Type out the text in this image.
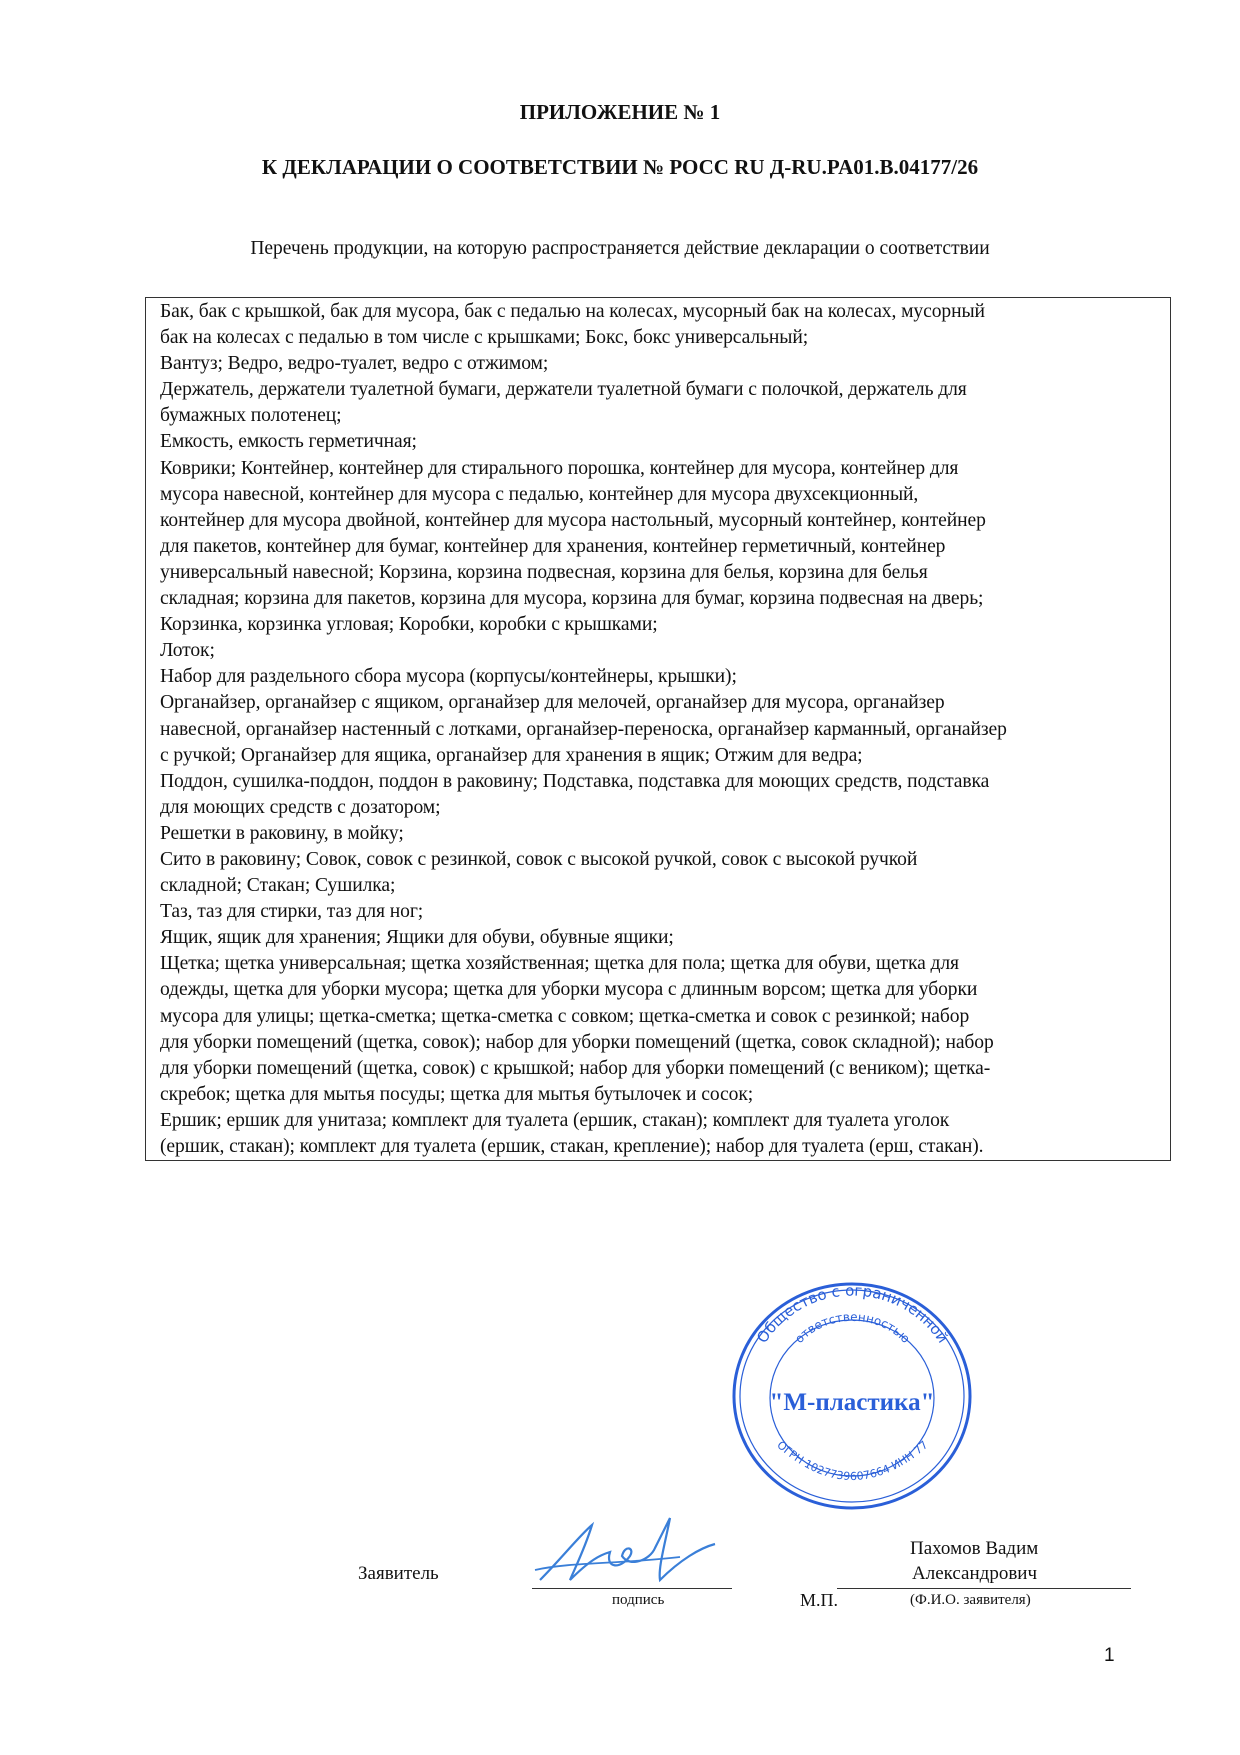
ПРИЛОЖЕНИЕ № 1
К ДЕКЛАРАЦИИ О СООТВЕТСТВИИ № РОСС RU Д-RU.PA01.B.04177/26
Перечень продукции, на которую распространяется действие декларации о соответствии
Бак, бак с крышкой, бак для мусора, бак с педалью на колесах, мусорный бак на колесах, мусорный
бак на колесах с педалью в том числе с крышками; Бокс, бокс универсальный;
Вантуз; Ведро, ведро-туалет, ведро с отжимом;
Держатель, держатели туалетной бумаги, держатели туалетной бумаги с полочкой, держатель для
бумажных полотенец;
Емкость, емкость герметичная;
Коврики; Контейнер, контейнер для стирального порошка, контейнер для мусора, контейнер для
мусора навесной, контейнер для мусора с педалью, контейнер для мусора двухсекционный,
контейнер для мусора двойной, контейнер для мусора настольный, мусорный контейнер, контейнер
для пакетов, контейнер для бумаг, контейнер для хранения, контейнер герметичный, контейнер
универсальный навесной; Корзина, корзина подвесная, корзина для белья, корзина для белья
складная; корзина для пакетов, корзина для мусора, корзина для бумаг, корзина подвесная на дверь;
Корзинка, корзинка угловая; Коробки, коробки с крышками;
Лоток;
Набор для раздельного сбора мусора (корпусы/контейнеры, крышки);
Органайзер, органайзер с ящиком, органайзер для мелочей, органайзер для мусора, органайзер
навесной, органайзер настенный с лотками, органайзер-переноска, органайзер карманный, органайзер
с ручкой; Органайзер для ящика, органайзер для хранения в ящик; Отжим для ведра;
Поддон, сушилка-поддон, поддон в раковину; Подставка, подставка для моющих средств, подставка
для моющих средств с дозатором;
Решетки в раковину, в мойку;
Сито в раковину; Совок, совок с резинкой, совок с высокой ручкой, совок с высокой ручкой
складной; Стакан; Сушилка;
Таз, таз для стирки, таз для ног;
Ящик, ящик для хранения; Ящики для обуви, обувные ящики;
Щетка; щетка универсальная; щетка хозяйственная; щетка для пола; щетка для обуви, щетка для
одежды, щетка для уборки мусора; щетка для уборки мусора с длинным ворсом; щетка для уборки
мусора для улицы; щетка-сметка; щетка-сметка с совком; щетка-сметка и совок с резинкой; набор
для уборки помещений (щетка, совок); набор для уборки помещений (щетка, совок складной); набор
для уборки помещений (щетка, совок) с крышкой; набор для уборки помещений (с веником); щетка-
скребок; щетка для мытья посуды; щетка для мытья бутылочек и сосок;
Ершик; ершик для унитаза; комплект для туалета (ершик, стакан); комплект для туалета уголок
(ершик, стакан); комплект для туалета (ершик, стакан, крепление); набор для туалета (ерш, стакан).
Общество с ограниченной
ответственностью
ОГРН 1027739607664 ИНН 77
"М-пластика"
Заявитель
подпись	М.П.
Пахомов Вадим
Александрович
(Ф.И.О. заявителя)
1
